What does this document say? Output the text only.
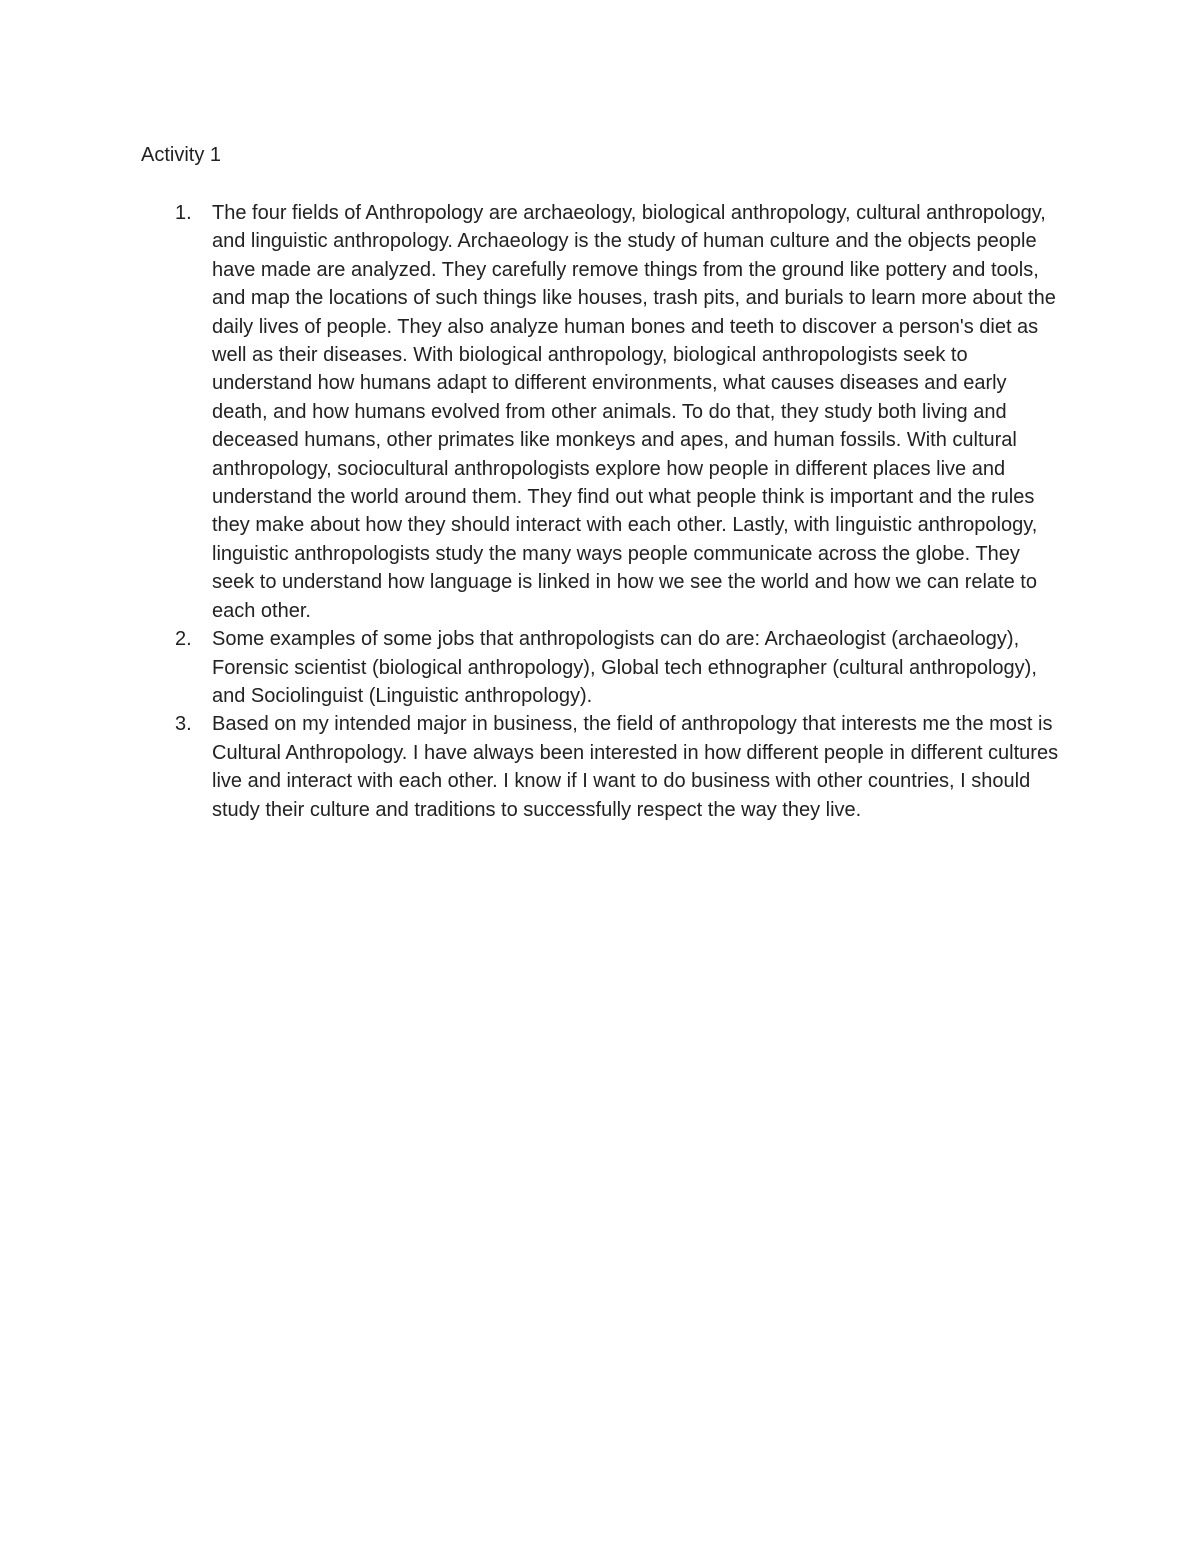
Activity 1
1. The four fields of Anthropology are archaeology, biological anthropology, cultural anthropology, and linguistic anthropology. Archaeology is the study of human culture and the objects people have made are analyzed. They carefully remove things from the ground like pottery and tools, and map the locations of such things like houses, trash pits, and burials to learn more about the daily lives of people. They also analyze human bones and teeth to discover a person's diet as well as their diseases. With biological anthropology, biological anthropologists seek to understand how humans adapt to different environments, what causes diseases and early death, and how humans evolved from other animals. To do that, they study both living and deceased humans, other primates like monkeys and apes, and human fossils. With cultural anthropology, sociocultural anthropologists explore how people in different places live and understand the world around them. They find out what people think is important and the rules they make about how they should interact with each other. Lastly, with linguistic anthropology, linguistic anthropologists study the many ways people communicate across the globe. They seek to understand how language is linked in how we see the world and how we can relate to each other.
2. Some examples of some jobs that anthropologists can do are: Archaeologist (archaeology), Forensic scientist (biological anthropology), Global tech ethnographer (cultural anthropology), and Sociolinguist (Linguistic anthropology).
3. Based on my intended major in business, the field of anthropology that interests me the most is Cultural Anthropology. I have always been interested in how different people in different cultures live and interact with each other. I know if I want to do business with other countries, I should study their culture and traditions to successfully respect the way they live.
